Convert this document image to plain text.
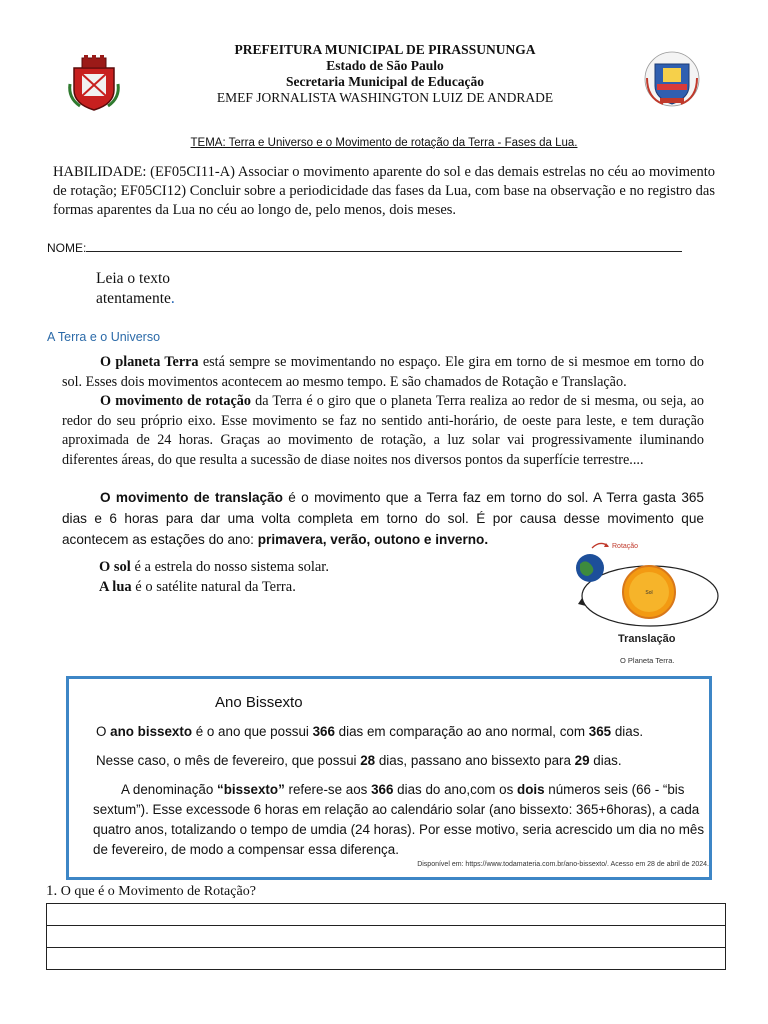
PREFEITURA MUNICIPAL DE PIRASSUNUNGA
Estado de São Paulo
Secretaria Municipal de Educação
EMEF JORNALISTA WASHINGTON LUIZ DE ANDRADE
TEMA: Terra e Universo e o Movimento de rotação da Terra - Fases da Lua.
HABILIDADE: (EF05CI11-A) Associar o movimento aparente do sol e das demais estrelas no céu ao movimento de rotação; EF05CI12) Concluir sobre a periodicidade das fases da Lua, com base na observação e no registro das formas aparentes da Lua no céu ao longo de, pelo menos, dois meses.
NOME:
Leia o texto
atentamente.
A Terra e o Universo
O planeta Terra está sempre se movimentando no espaço. Ele gira em torno de si mesmoe em torno do sol. Esses dois movimentos acontecem ao mesmo tempo. E são chamados de Rotação e Translação.
O movimento de rotação da Terra é o giro que o planeta Terra realiza ao redor de si mesma, ou seja, ao redor do seu próprio eixo. Esse movimento se faz no sentido anti-horário, de oeste para leste, e tem duração aproximada de 24 horas. Graças ao movimento de rotação, a luz solar vai progressivamente iluminando diferentes áreas, do que resulta a sucessão de diase noites nos diversos pontos da superfície terrestre....
O movimento de translação é o movimento que a Terra faz em torno do sol. A Terra gasta 365 dias e 6 horas para dar uma volta completa em torno do sol. É por causa desse movimento que acontecem as estações do ano: primavera, verão, outono e inverno.
O sol é a estrela do nosso sistema solar.
A lua é o satélite natural da Terra.	Sol
Rotação
Translação
O Planeta Terra.
Ano Bissexto
O ano bissexto é o ano que possui 366 dias em comparação ao ano normal, com 365 dias.
Nesse caso, o mês de fevereiro, que possui 28 dias, passano ano bissexto para 29 dias.
A denominação “bissexto” refere-se aos 366 dias do ano,com os dois números seis (66 - “bis sextum”). Esse excessode 6 horas em relação ao calendário solar (ano bissexto: 365+6horas), a cada quatro anos, totalizando o tempo de umdia (24 horas). Por esse motivo, seria acrescido um dia no mês de fevereiro, de modo a compensar essa diferença.
Disponível em: https://www.todamateria.com.br/ano-bissexto/. Acesso em 28 de abril de 2024.
1. O que é o Movimento de Rotação?
